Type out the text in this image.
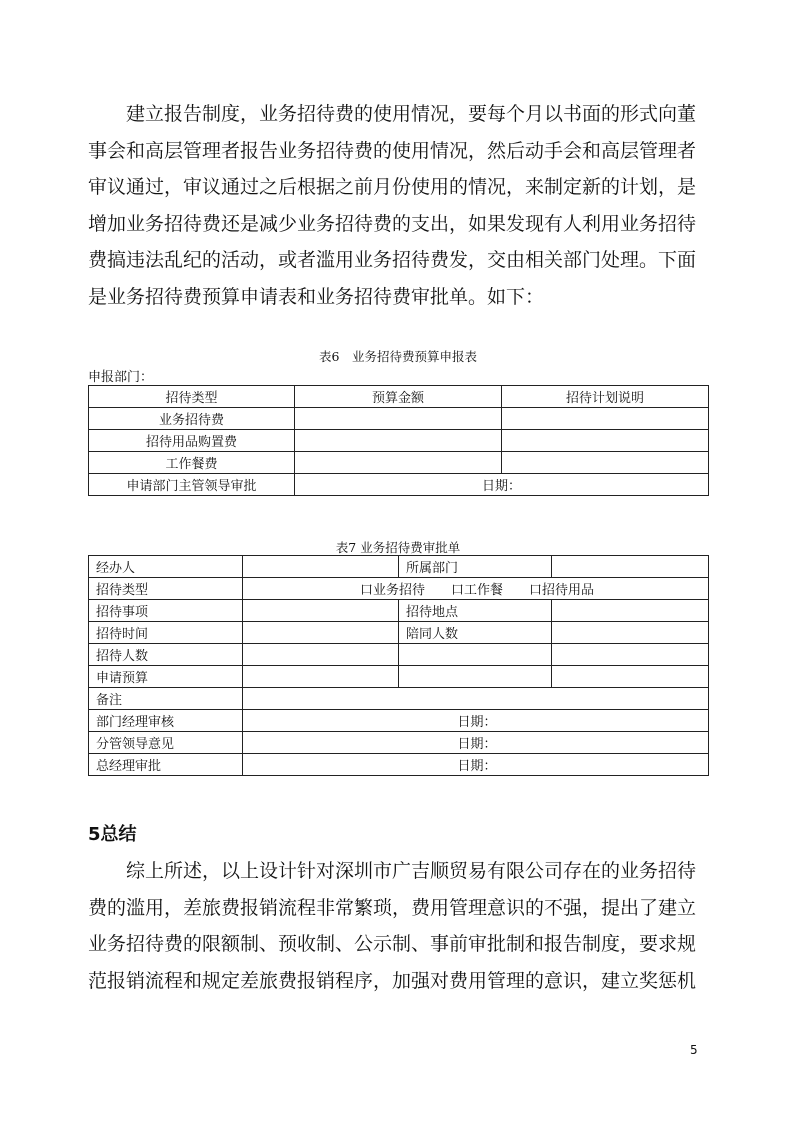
　　建立报告制度，业务招待费的使用情况，要每个月以书面的形式向董
事会和高层管理者报告业务招待费的使用情况，然后动手会和高层管理者
审议通过，审议通过之后根据之前月份使用的情况，来制定新的计划，是
增加业务招待费还是减少业务招待费的支出，如果发现有人利用业务招待
费搞违法乱纪的活动，或者滥用业务招待费发，交由相关部门处理。下面
是业务招待费预算申请表和业务招待费审批单。如下：

表6　业务招待费预算申报表

申报部门：

招待类型	预算金额	招待计划说明
业务招待费		
招待用品购置费		
工作餐费		
申请部门主管领导审批	日期：	

表7 业务招待费审批单

经办人		所属部门	
招待类型	口业务招待　　口工作餐　　口招待用品		
招待事项		招待地点	
招待时间		陪同人数	
招待人数			
申请预算			
备注			
部门经理审核	日期：		
分管领导意见	日期：		
总经理审批	日期：		
5总结
　　综上所述，以上设计针对深圳市广吉顺贸易有限公司存在的业务招待
费的滥用，差旅费报销流程非常繁琐，费用管理意识的不强，提出了建立
业务招待费的限额制、预收制、公示制、事前审批制和报告制度，要求规
范报销流程和规定差旅费报销程序，加强对费用管理的意识，建立奖惩机

5
